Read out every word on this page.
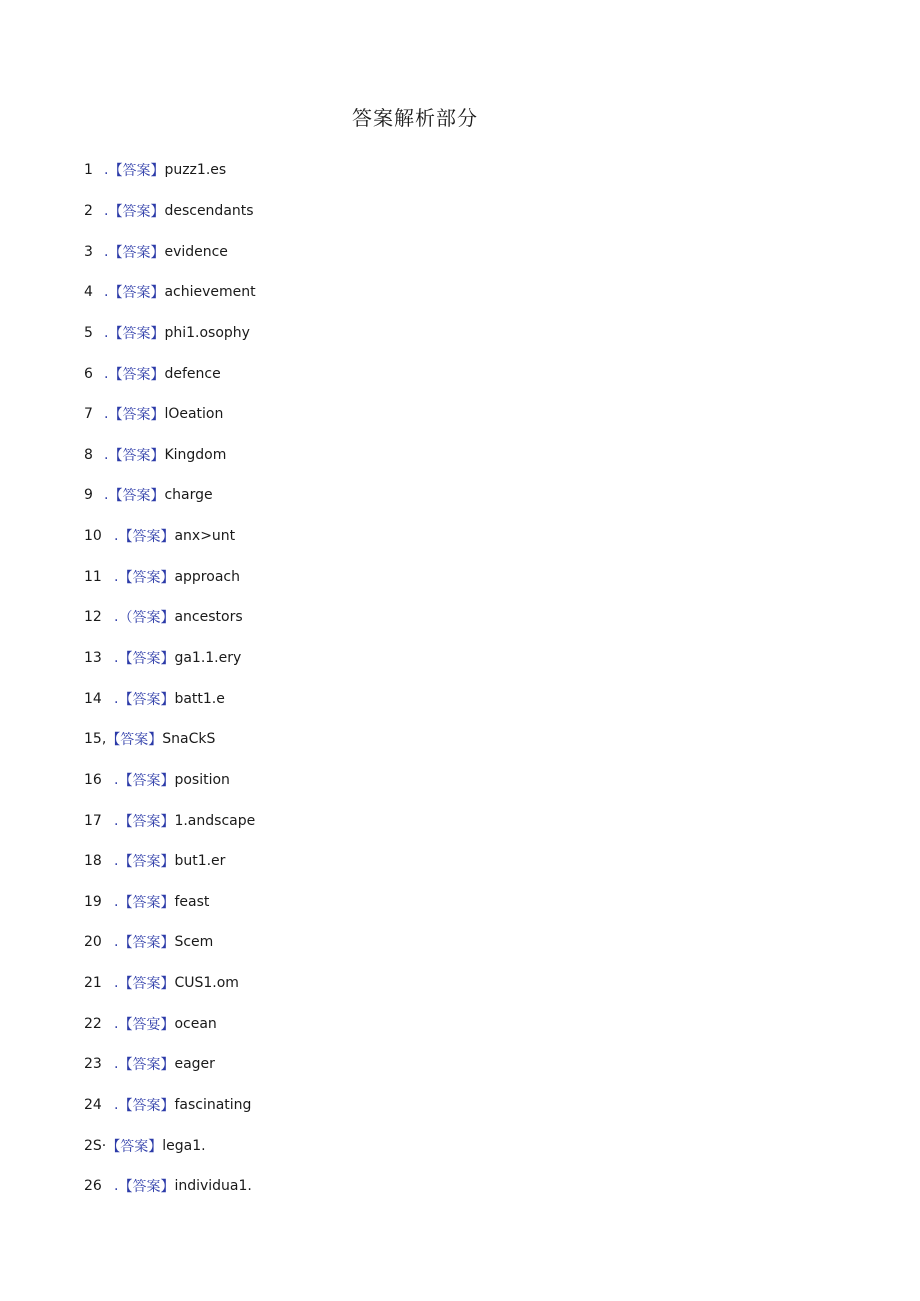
答案解析部分
1 . 【答案】 puzz1.es
2 . 【答案】 descendants
3 . 【答案】 evidence
4 . 【答案】 achievement
5 . 【答案】 phi1.osophy
6 . 【答案】 defence
7 . 【答案】 lOeation
8 . 【答案】 Kingdom
9 . 【答案】 charge
10 . 【答案】 anx>unt
11 . 【答案】 approach
12 . （答案】 ancestors
13 . 【答案】 ga1.1.ery
14 . 【答案】 batt1.e
15, 【答案】 SnaCkS
16 . 【答案】 position
17 . 【答案】 1.andscape
18 . 【答案】 but1.er
19 . 【答案】 feast
20 . 【答案】 Scem
21 . 【答案】 CUS1.om
22 . 【答宴】 ocean
23 . 【答案】 eager
24 . 【答案】 fascinating
2S· 【答案】 lega1.
26 . 【答案】 individua1.
